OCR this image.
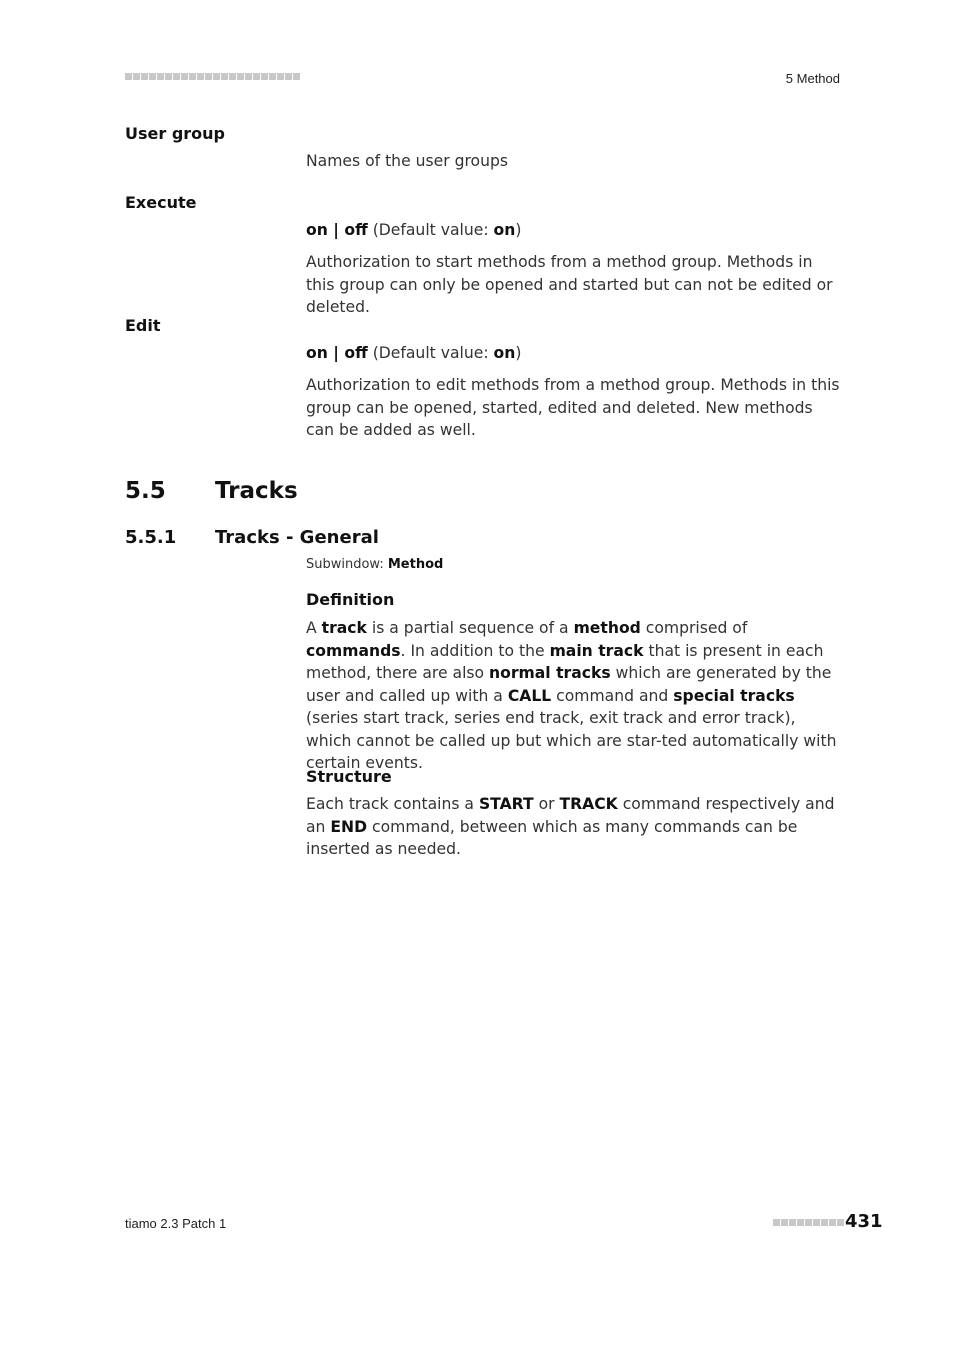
5 Method
User group
Names of the user groups
Execute
on | off (Default value: on)
Authorization to start methods from a method group. Methods in this group can only be opened and started but can not be edited or deleted.
Edit
on | off (Default value: on)
Authorization to edit methods from a method group. Methods in this group can be opened, started, edited and deleted. New methods can be added as well.
5.5 Tracks
5.5.1 Tracks - General
Subwindow: Method
Definition
A track is a partial sequence of a method comprised of commands. In addition to the main track that is present in each method, there are also normal tracks which are generated by the user and called up with a CALL command and special tracks (series start track, series end track, exit track and error track), which cannot be called up but which are star-ted automatically with certain events.
Structure
Each track contains a START or TRACK command respectively and an END command, between which as many commands can be inserted as needed.
tiamo 2.3 Patch 1	431
